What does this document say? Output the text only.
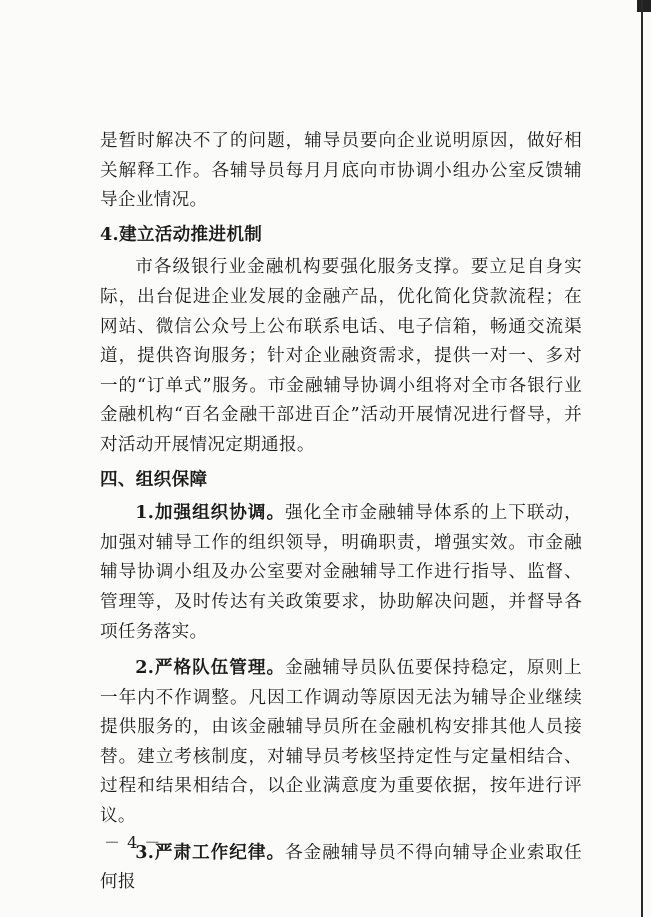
是暂时解决不了的问题，辅导员要向企业说明原因，做好相关解释工作。各辅导员每月月底向市协调小组办公室反馈辅导企业情况。

4.建立活动推进机制

市各级银行业金融机构要强化服务支撑。要立足自身实际，出台促进企业发展的金融产品，优化简化贷款流程；在网站、微信公众号上公布联系电话、电子信箱，畅通交流渠道，提供咨询服务；针对企业融资需求，提供一对一、多对一的“订单式”服务。市金融辅导协调小组将对全市各银行业金融机构“百名金融干部进百企”活动开展情况进行督导，并对活动开展情况定期通报。

四、组织保障

1.加强组织协调。强化全市金融辅导体系的上下联动，加强对辅导工作的组织领导，明确职责，增强实效。市金融辅导协调小组及办公室要对金融辅导工作进行指导、监督、管理等，及时传达有关政策要求，协助解决问题，并督导各项任务落实。

2.严格队伍管理。金融辅导员队伍要保持稳定，原则上一年内不作调整。凡因工作调动等原因无法为辅导企业继续提供服务的，由该金融辅导员所在金融机构安排其他人员接替。建立考核制度，对辅导员考核坚持定性与定量相结合、过程和结果相结合，以企业满意度为重要依据，按年进行评议。

3.严肃工作纪律。各金融辅导员不得向辅导企业索取任何报

－ 4 －
